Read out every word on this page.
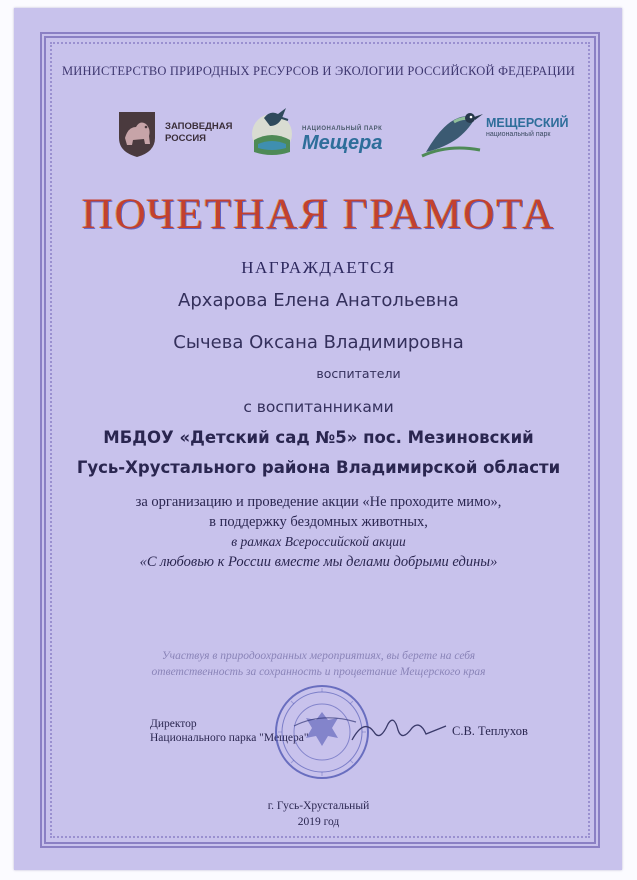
МИНИСТЕРСТВО ПРИРОДНЫХ РЕСУРСОВ И ЭКОЛОГИИ РОССИЙСКОЙ ФЕДЕРАЦИИ
ЗАПОВЕДНАЯ
РОССИЯ
НАЦИОНАЛЬНЫЙ ПАРК
Мещера
МЕЩЕРСКИЙ
национальный парк
ПОЧЕТНАЯ ГРАМОТА
НАГРАЖДАЕТСЯ
Архарова Елена Анатольевна
Сычева Оксана Владимировна
воспитатели
с воспитанниками
МБДОУ «Детский сад №5» пос. Мезиновский
Гусь-Хрустального района Владимирской области
за организацию и проведение акции «Не проходите мимо»,
в поддержку бездомных животных,
в рамках Всероссийской акции
«С любовью к России вместе мы делами добрыми едины»
Участвуя в природоохранных мероприятиях, вы берете на себя
ответственность за сохранность и процветание Мещерского края
Директор
Национального парка "Мещера"	С.В. Теплухов
г. Гусь-Хрустальный
2019 год
